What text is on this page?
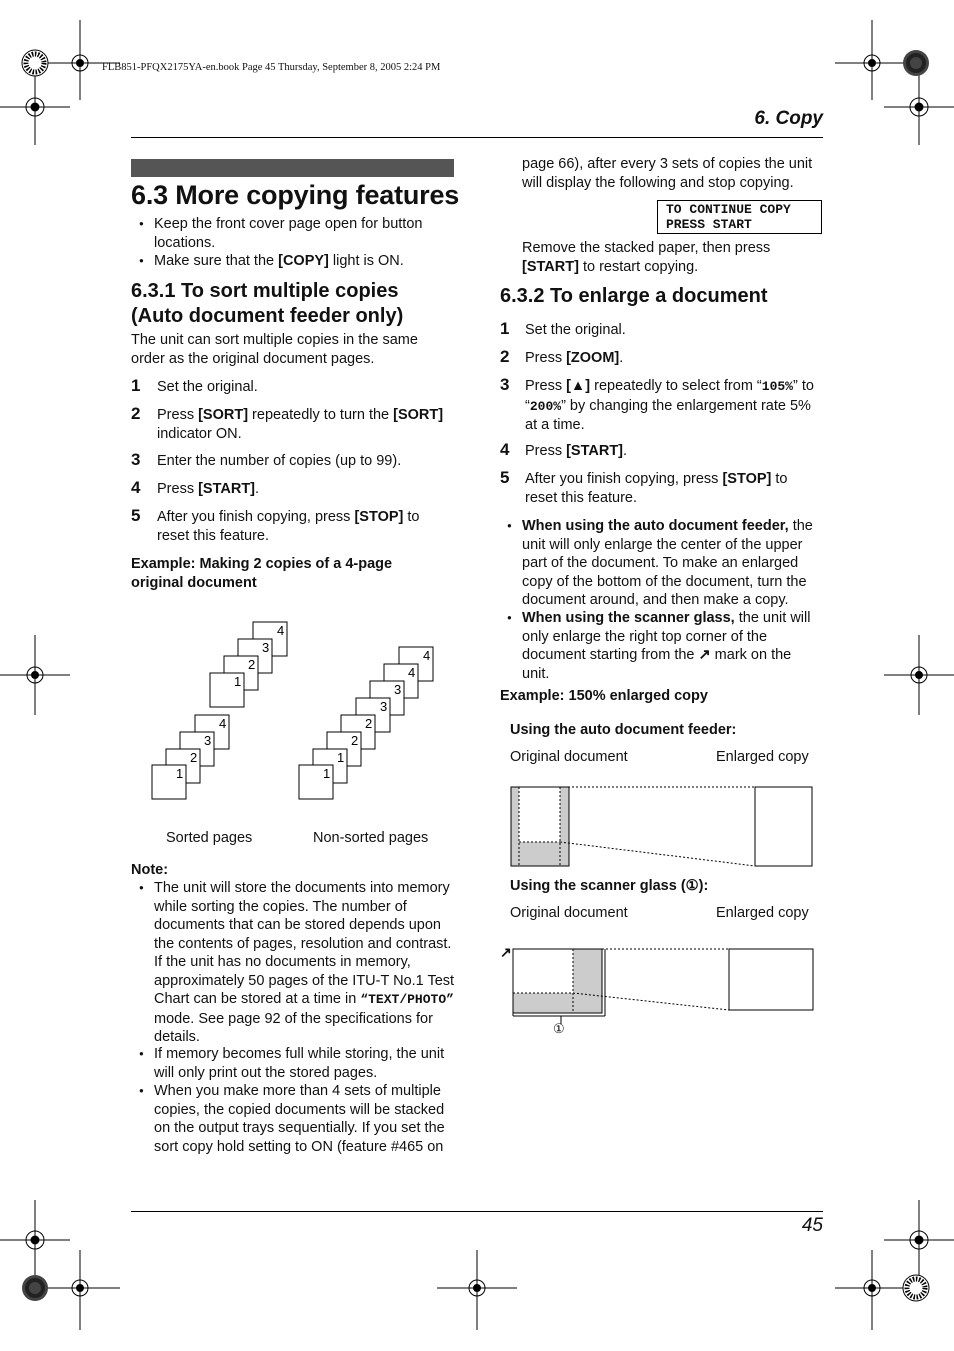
FLB851-PFQX2175YA-en.book Page 45 Thursday, September 8, 2005 2:24 PM
6. Copy
6.3 More copying features
● Keep the front cover page open for button locations.
● Make sure that the [COPY] light is ON.
6.3.1 To sort multiple copies (Auto document feeder only)
The unit can sort multiple copies in the same order as the original document pages.
1 Set the original.
2 Press [SORT] repeatedly to turn the [SORT] indicator ON.
3 Enter the number of copies (up to 99).
4 Press [START].
5 After you finish copying, press [STOP] to reset this feature.
Example: Making 2 copies of a 4-page original document
4
3
2
1
4
3
2
1
4
4
3
3
2
2
1
1
Sorted pages	Non-sorted pages
Note:
● The unit will store the documents into memory while sorting the copies. The number of documents that can be stored depends upon the contents of pages, resolution and contrast. If the unit has no documents in memory, approximately 50 pages of the ITU-T No.1 Test Chart can be stored at a time in “TEXT/PHOTO” mode. See page 92 of the specifications for details.
● If memory becomes full while storing, the unit will only print out the stored pages.
● When you make more than 4 sets of multiple copies, the copied documents will be stacked on the output trays sequentially. If you set the sort copy hold setting to ON (feature #465 on
page 66), after every 3 sets of copies the unit will display the following and stop copying.
TO CONTINUE COPY
PRESS START
Remove the stacked paper, then press
[START] to restart copying.
6.3.2 To enlarge a document
1 Set the original.
2 Press [ZOOM].
3 Press [▲] repeatedly to select from “105%” to “200%” by changing the enlargement rate 5% at a time.
4 Press [START].
5 After you finish copying, press [STOP] to reset this feature.
● When using the auto document feeder, the unit will only enlarge the center of the upper part of the document. To make an enlarged copy of the bottom of the document, turn the document around, and then make a copy.
● When using the scanner glass, the unit will only enlarge the right top corner of the document starting from the ↗ mark on the unit.
Example: 150% enlarged copy
Using the auto document feeder:
Original document	Enlarged copy
Using the scanner glass (①):
Original document	Enlarged copy
↗
①
45
